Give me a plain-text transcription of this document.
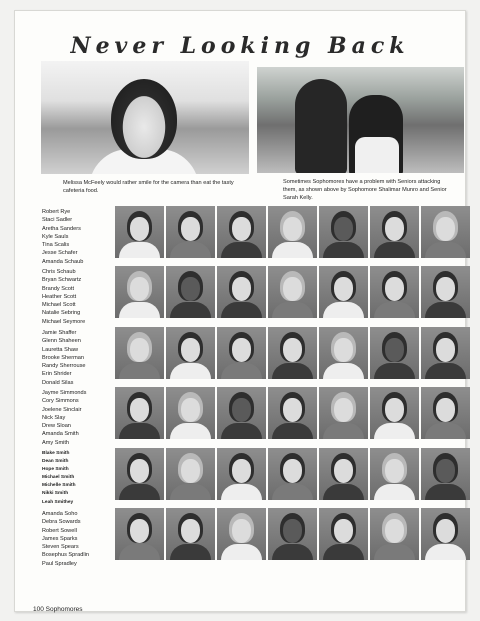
Never Looking Back

Melissa McFeely would rather smile for the camera than eat the tasty cafeteria food.

Sometimes Sophomores have a problem with Seniors attacking them, as shown above by Sophomore Shalimar Munro and Senior Sarah Kelly.

Robert Rye
Staci Sadler
Aretha Sanders
Kyle Sauls
Tina Scalis
Jesse Schafer
Amanda Schaub
Chris Schaub
Bryan Schwartz
Brandy Scott
Heather Scott
Michael Scott
Natalie Sebring
Michael Seymore
Jamie Shaffer
Glenn Shaheen
Lauretta Shaw
Brooke Sherman
Randy Sherrouse
Erin Shrider
Donald Silas
Jayme Simmonds
Cory Simmons
Joelene Sinclair
Nick Slay
Drew Sloan
Amanda Smith
Amy Smith
Blake Smith
Dean Smith
Hope Smith
Michael Smith
Michelle Smith
Nikki Smith
Leah Smithey
Amanda Soho
Debra Sowards
Robert Sowell
James Sparks
Steven Spears
Bosephus Spradlin
Paul Spradley
100 Sophomores
